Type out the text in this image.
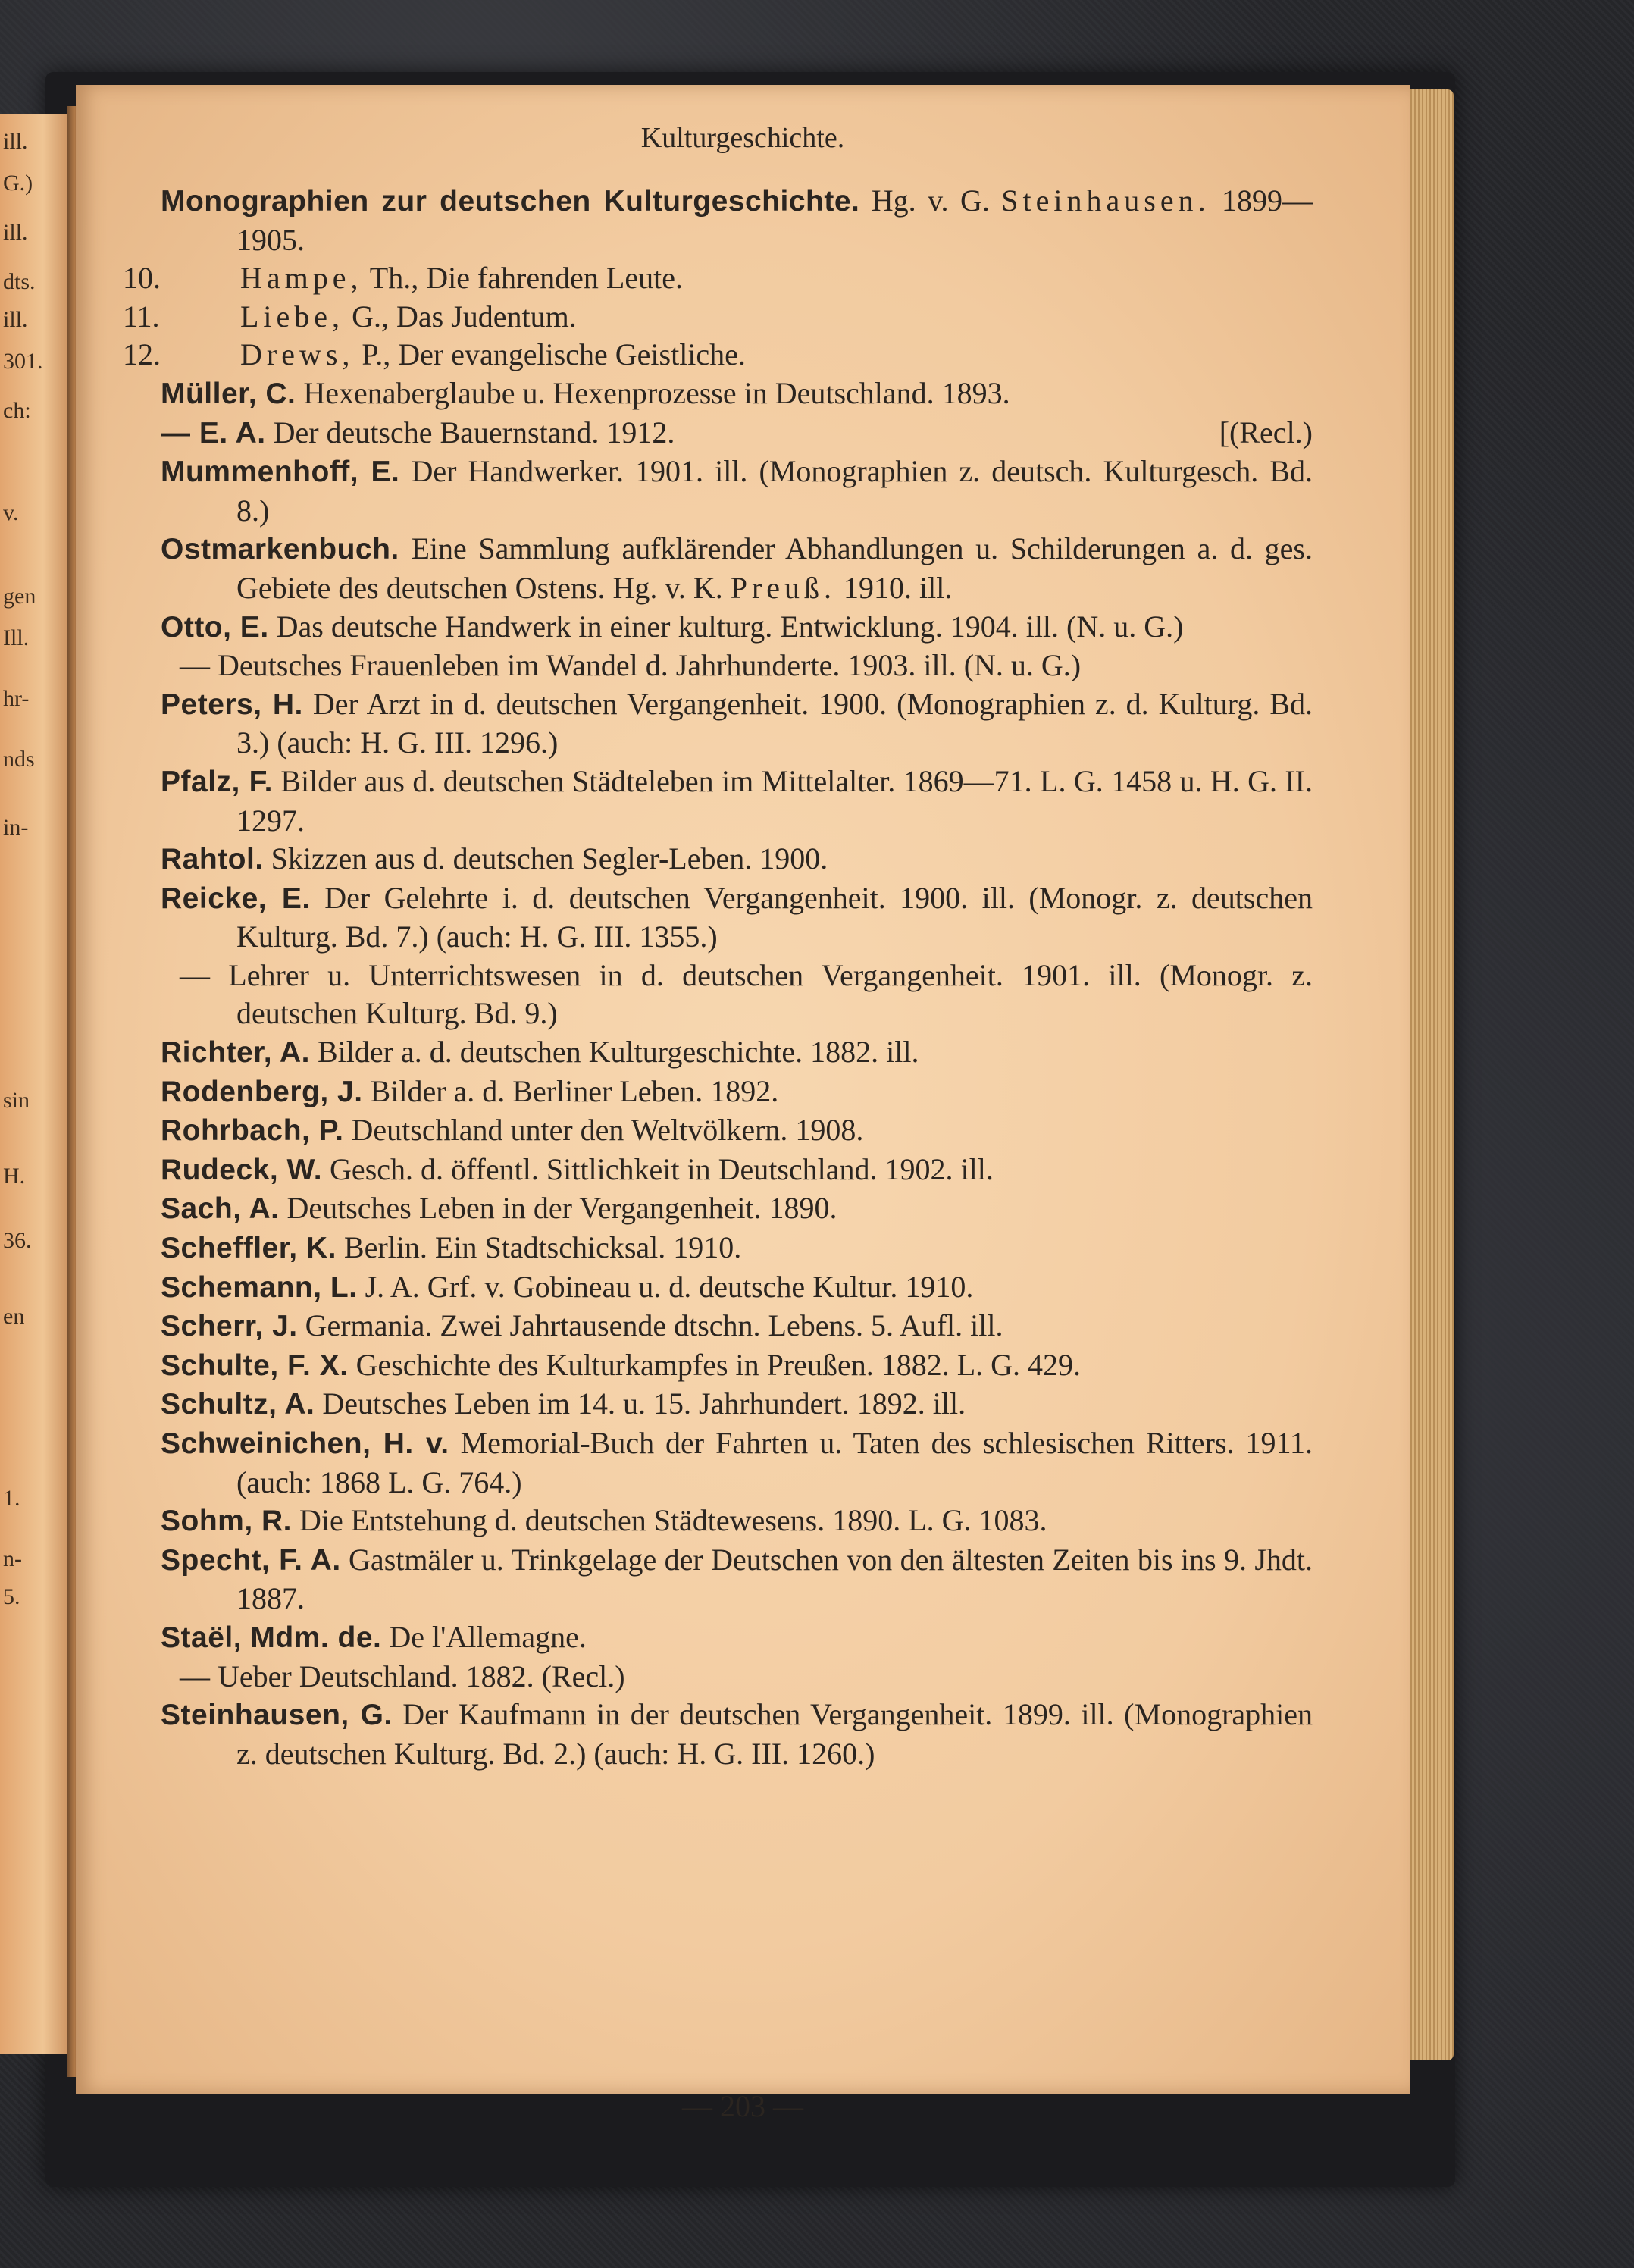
ill.
G.)
ill.
dts.
ill.
301.
ch:
v.
gen
Ill.
hr-
nds
in-
sin
H.
36.
en
1.
n-
5.
Kulturgeschichte.
Monographien zur deutschen Kulturgeschichte. Hg. v. G. Steinhausen. 1899—1905.
10.	Hampe, Th., Die fahrenden Leute.
11.	Liebe, G., Das Judentum.
12.	Drews, P., Der evangelische Geistliche.
Müller, C. Hexenaberglaube u. Hexenprozesse in Deutschland. 1893.
— E. A. Der deutsche Bauernstand. 1912.	[(Recl.)
Mummenhoff, E. Der Handwerker. 1901. ill. (Monographien z. deutsch. Kulturgesch. Bd. 8.)
Ostmarkenbuch. Eine Sammlung aufklärender Abhandlungen u. Schilderungen a. d. ges. Gebiete des deutschen Ostens. Hg. v. K. Preuß. 1910. ill.
Otto, E. Das deutsche Handwerk in einer kulturg. Entwicklung. 1904. ill. (N. u. G.)
— Deutsches Frauenleben im Wandel d. Jahrhunderte. 1903. ill. (N. u. G.)
Peters, H. Der Arzt in d. deutschen Vergangenheit. 1900. (Monographien z. d. Kulturg. Bd. 3.) (auch: H. G. III. 1296.)
Pfalz, F. Bilder aus d. deutschen Städteleben im Mittelalter. 1869—71. L. G. 1458 u. H. G. II. 1297.
Rahtol. Skizzen aus d. deutschen Segler-Leben. 1900.
Reicke, E. Der Gelehrte i. d. deutschen Vergangenheit. 1900. ill. (Monogr. z. deutschen Kulturg. Bd. 7.) (auch: H. G. III. 1355.)
— Lehrer u. Unterrichtswesen in d. deutschen Vergangenheit. 1901. ill. (Monogr. z. deutschen Kulturg. Bd. 9.)
Richter, A. Bilder a. d. deutschen Kulturgeschichte. 1882. ill.
Rodenberg, J. Bilder a. d. Berliner Leben. 1892.
Rohrbach, P. Deutschland unter den Weltvölkern. 1908.
Rudeck, W. Gesch. d. öffentl. Sittlichkeit in Deutschland. 1902. ill.
Sach, A. Deutsches Leben in der Vergangenheit. 1890.
Scheffler, K. Berlin. Ein Stadtschicksal. 1910.
Schemann, L. J. A. Grf. v. Gobineau u. d. deutsche Kultur. 1910.
Scherr, J. Germania. Zwei Jahrtausende dtschn. Lebens. 5. Aufl. ill.
Schulte, F. X. Geschichte des Kulturkampfes in Preußen. 1882. L. G. 429.
Schultz, A. Deutsches Leben im 14. u. 15. Jahrhundert. 1892. ill.
Schweinichen, H. v. Memorial-Buch der Fahrten u. Taten des schlesischen Ritters. 1911. (auch: 1868 L. G. 764.)
Sohm, R. Die Entstehung d. deutschen Städtewesens. 1890. L. G. 1083.
Specht, F. A. Gastmäler u. Trinkgelage der Deutschen von den ältesten Zeiten bis ins 9. Jhdt. 1887.
Staël, Mdm. de. De l'Allemagne.
— Ueber Deutschland. 1882. (Recl.)
Steinhausen, G. Der Kaufmann in der deutschen Vergangenheit. 1899. ill. (Monographien z. deutschen Kulturg. Bd. 2.) (auch: H. G. III. 1260.)
— 203 —
